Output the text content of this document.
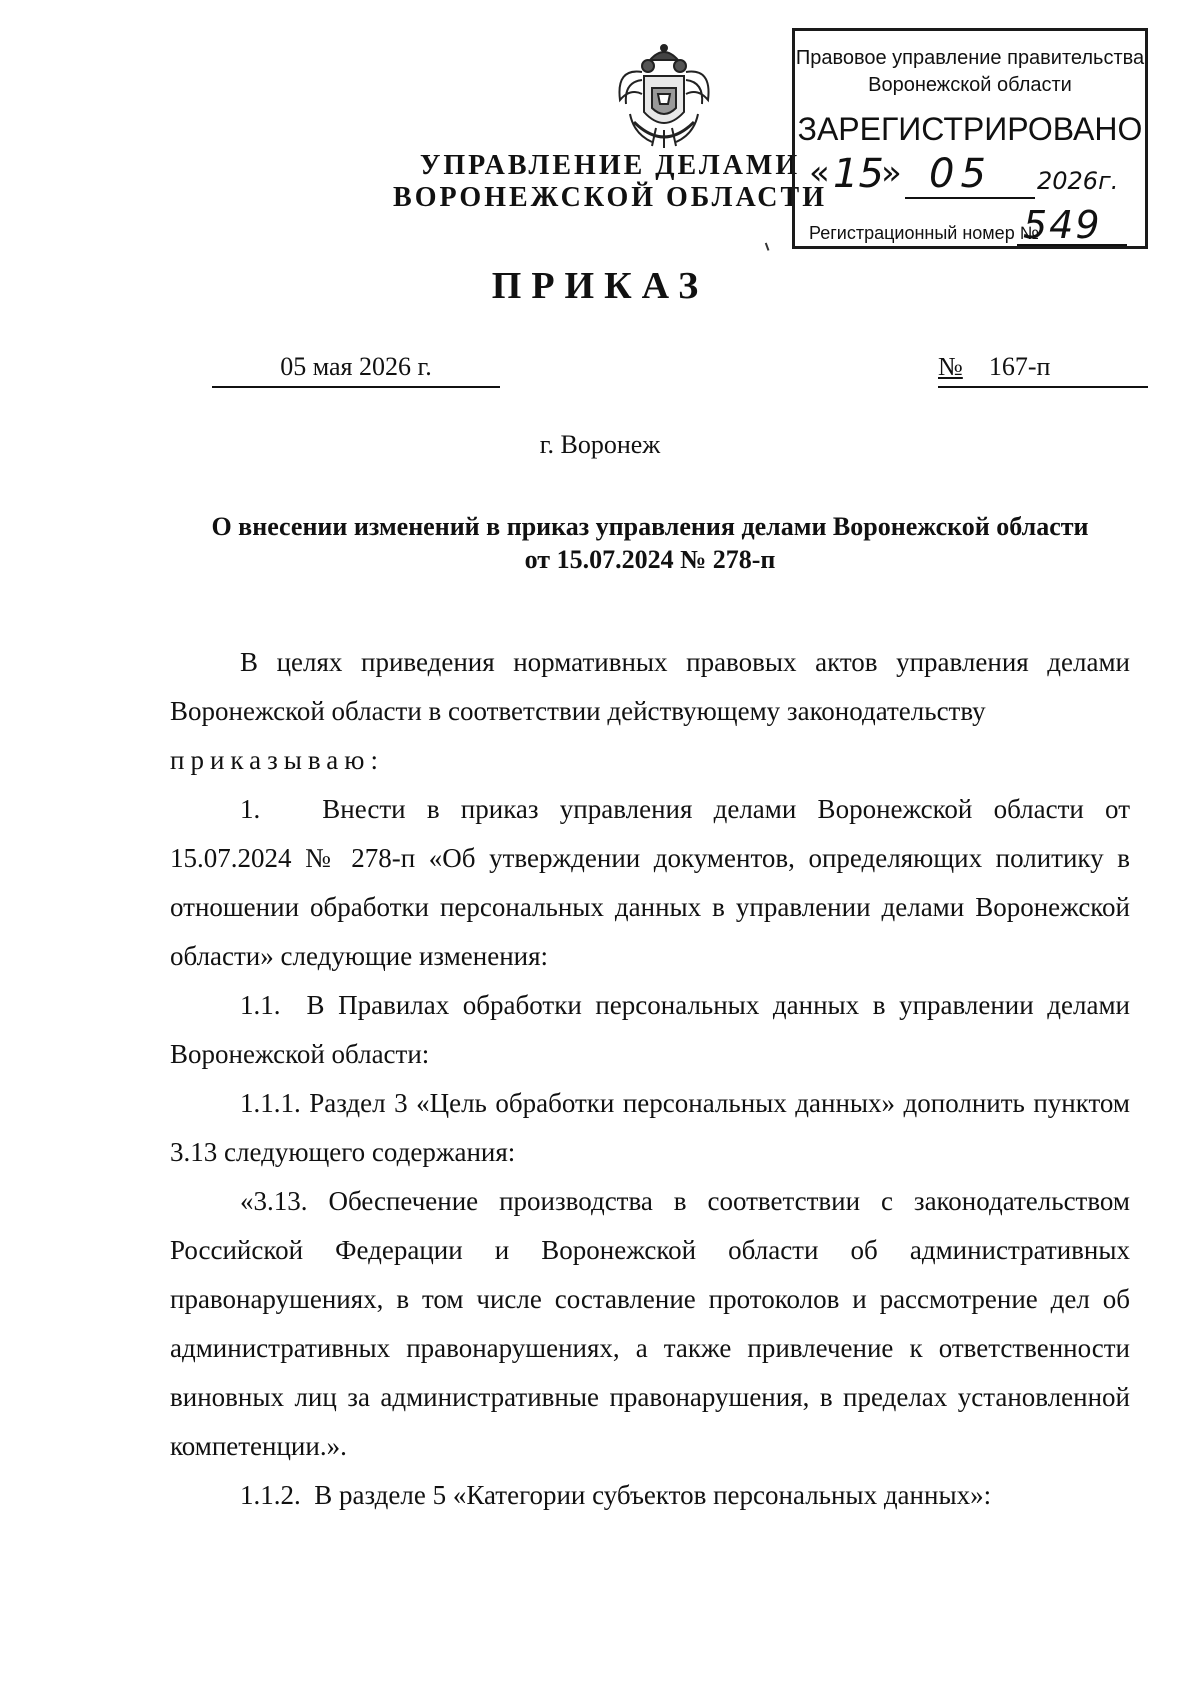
УПРАВЛЕНИЕ ДЕЛАМИ
ВОРОНЕЖСКОЙ ОБЛАСТИ
Правовое управление правительства
Воронежской области
ЗАРЕГИСТРИРОВАНО
« 15
» 05 2026г.
Регистрационный номер №
549
ПРИКАЗ
05 мая 2026 г.	№ 167-п
г. Воронеж
О внесении изменений в приказ управления делами Воронежской области
от 15.07.2024 № 278-п

В целях приведения нормативных правовых актов управления делами Воронежской области в соответствии действующему законодательству

приказываю:

1. Внести в приказ управления делами Воронежской области от 15.07.2024 № 278-п «Об утверждении документов, определяющих политику в отношении обработки персональных данных в управлении делами Воронежской области» следующие изменения:

1.1. В Правилах обработки персональных данных в управлении делами Воронежской области:

1.1.1. Раздел 3 «Цель обработки персональных данных» дополнить пунктом 3.13 следующего содержания:

«3.13. Обеспечение производства в соответствии с законодательством Российской Федерации и Воронежской области об административных правонарушениях, в том числе составление протоколов и рассмотрение дел об административных правонарушениях, а также привлечение к ответственности виновных лиц за административные правонарушения, в пределах установленной компетенции.».

1.1.2. В разделе 5 «Категории субъектов персональных данных»:
